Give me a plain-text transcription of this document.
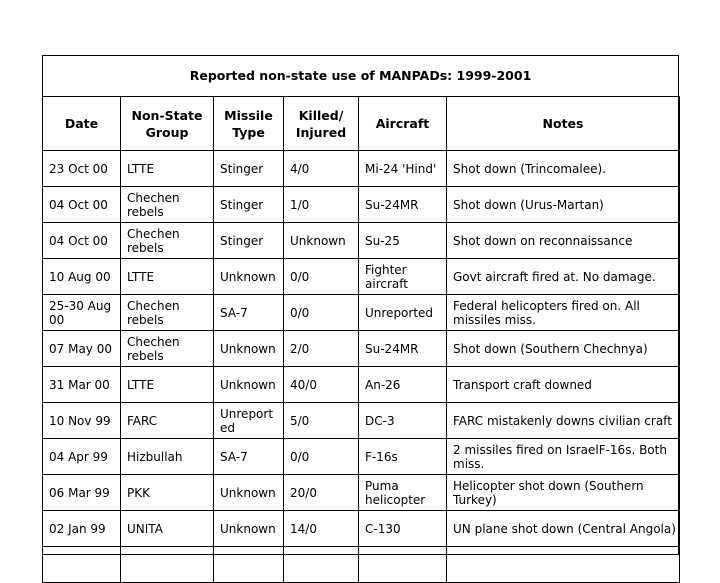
Reported non-state use of MANPADs: 1999-2001
Date	Non-State Group	Missile Type	Killed/ Injured	Aircraft	Notes
23 Oct 00	LTTE	Stinger	4/0	Mi-24 'Hind'	Shot down (Trincomalee).
04 Oct 00	Chechen rebels	Stinger	1/0	Su-24MR	Shot down (Urus-Martan)
04 Oct 00	Chechen rebels	Stinger	Unknown	Su-25	Shot down on reconnaissance
10 Aug 00	LTTE	Unknown	0/0	Fighter aircraft	Govt aircraft fired at. No damage.
25-30 Aug 00	Chechen rebels	SA-7	0/0	Unreported	Federal helicopters fired on. All missiles miss.
07 May 00	Chechen rebels	Unknown	2/0	Su-24MR	Shot down (Southern Chechnya)
31 Mar 00	LTTE	Unknown	40/0	An-26	Transport craft downed
10 Nov 99	FARC	Unreport ed	5/0	DC-3	FARC mistakenly downs civilian craft
04 Apr 99	Hizbullah	SA-7	0/0	F-16s	2 missiles fired on IsraelF-16s. Both miss.
06 Mar 99	PKK	Unknown	20/0	Puma helicopter	Helicopter shot down (Southern Turkey)
02 Jan 99	UNITA	Unknown	14/0	C-130	UN plane shot down (Central Angola)
